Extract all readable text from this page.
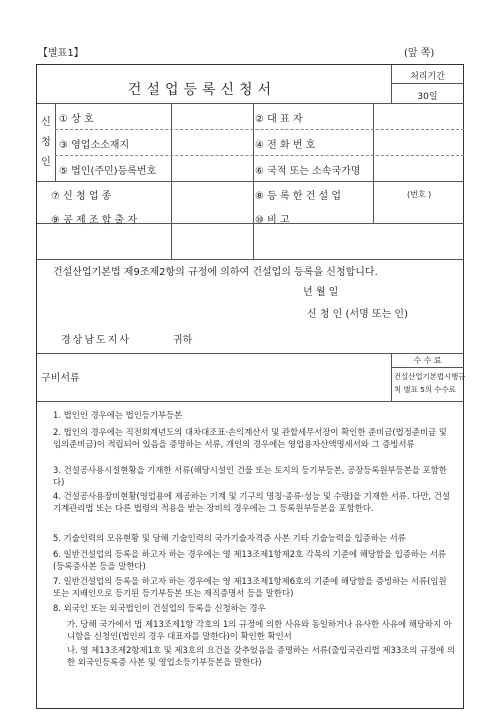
【별표1】	(앞 쪽)
건설업등록신청서
처리기간
30일
신청인
① 상 호	② 대 표 자
③ 영업소소재지	④ 전 화 번 호
⑤ 법인(주민)등록번호	⑥ 국적 또는 소속국가명
⑦ 신 청 업 종	⑧ 등 록 한 건 설 업	(번호 )
⑨ 공 제 조 합 출 자	⑩ 비 고
건설산업기본법 제9조제2항의 규정에 의하여 건설업의 등록을 신청합니다.
년 월 일
신 청 인 (서명 또는 인)
경상남도지사	귀하
구비서류
수 수 료
건설산업기본법시행규
칙 별표 5의 수수료
1. 법인인 경우에는 법인등기부등본
2. 법인의 경우에는 직전회계년도의 대차대조표·손익계산서 및 관할세무서장이 확인한 준비금(법정준비금 및 임의준비금)이 적립되어 있음을 증명하는 서류, 개인의 경우에는 영업용자산액명세서와 그 증빙서류
3. 건설공사용시설현황을 기재한 서류(해당시설인 건물 또는 토지의 등기부등본, 공장등록원부등본을 포함한다)
4. 건설공사용장비현황(영업용에 제공하는 기계 및 기구의 명칭·종류·성능 및 수량)을 기재한 서류. 다만, 건설기계관리법 또는 다른 법령의 적용을 받는 장비의 경우에는 그 등록원부등본을 포함한다.
5. 기술인력의 모유현황 및 당해 기술인력의 국가기술자격증 사본 기타 기술능력을 입증하는 서류
6. 일반건설업의 등록을 하고자 하는 경우에는 영 제13조제1항제2호 각목의 기준에 해당함을 입증하는 서류(등록증사본 등을 말한다)
7. 일반건설업의 등록을 하고자 하는 경우에는 영 제13조제1항제6호의 기준에 해당함을 증빙하는 서류(임원 또는 지배인으로 등기된 등기부등본 또는 재직증명서 등을 말한다)
8. 외국인 또는 외국법인이 건설업의 등록을 신청하는 경우
가. 당해 국가에서 법 제13조제1항 각호의 1의 규정에 의한 사유와 동일하거나 유사한 사유에 해당하지 아니함을 신청인(법인의 경우 대표자를 말한다)이 확인한 확인서
나. 영 제13조제2항제1호 및 제3호의 요건을 갖추었음을 증명하는 서류(출입국관리법 제33조의 규정에 의한 외국인등록증 사본 및 영업소등기부등본을 말한다)
